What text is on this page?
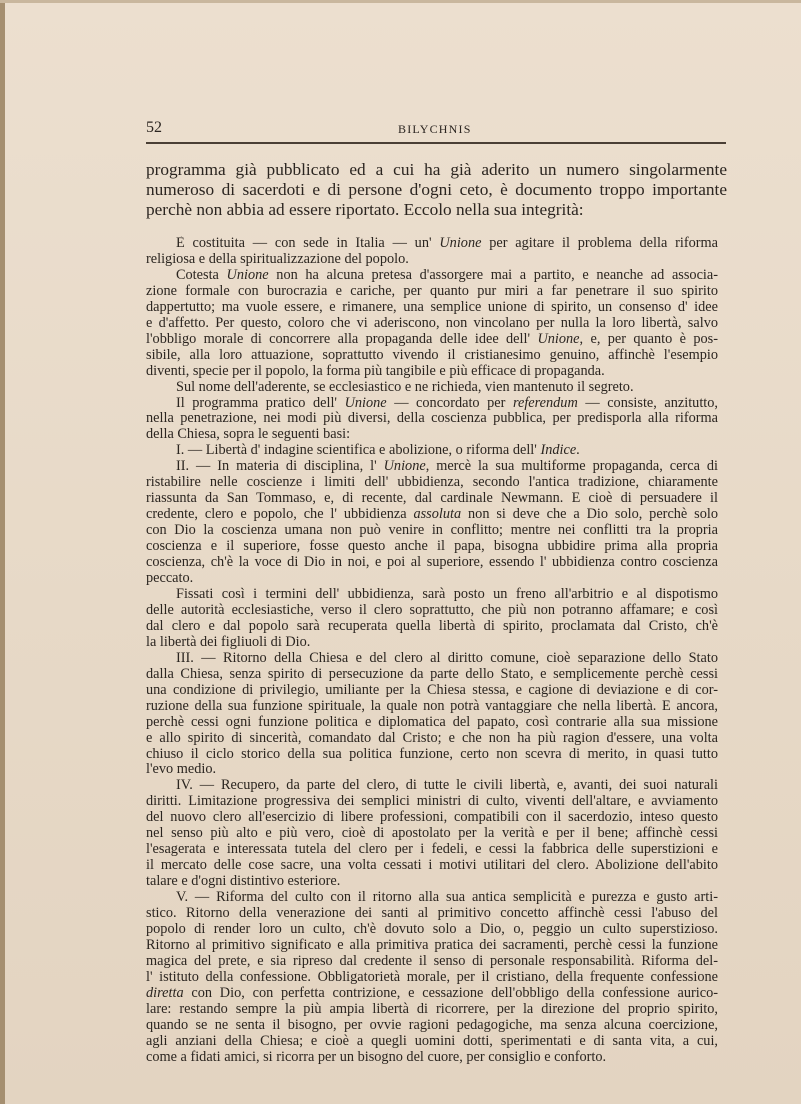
52	BILYCHNIS
programma già pubblicato ed a cui ha già aderito un numero singolarmente
numeroso di sacerdoti e di persone d'ogni ceto, è documento troppo importante
perchè non abbia ad essere riportato. Eccolo nella sua integrità:
È costituita — con sede in Italia — un' Unione per agitare il problema della riforma
religiosa e della spiritualizzazione del popolo.
Cotesta Unione non ha alcuna pretesa d'assorgere mai a partito, e neanche ad associa-
zione formale con burocrazia e cariche, per quanto pur miri a far penetrare il suo spirito
dappertutto; ma vuole essere, e rimanere, una semplice unione di spirito, un consenso d' idee
e d'affetto. Per questo, coloro che vi aderiscono, non vincolano per nulla la loro libertà, salvo
l'obbligo morale di concorrere alla propaganda delle idee dell' Unione, e, per quanto è pos-
sibile, alla loro attuazione, soprattutto vivendo il cristianesimo genuino, affinchè l'esempio
diventi, specie per il popolo, la forma più tangibile e più efficace di propaganda.
Sul nome dell'aderente, se ecclesiastico e ne richieda, vien mantenuto il segreto.
Il programma pratico dell' Unione — concordato per referendum — consiste, anzitutto,
nella penetrazione, nei modi più diversi, della coscienza pubblica, per predisporla alla riforma
della Chiesa, sopra le seguenti basi:
I. — Libertà d' indagine scientifica e abolizione, o riforma dell' Indice.
II. — In materia di disciplina, l' Unione, mercè la sua multiforme propaganda, cerca di
ristabilire nelle coscienze i limiti dell' ubbidienza, secondo l'antica tradizione, chiaramente
riassunta da San Tommaso, e, di recente, dal cardinale Newmann. E cioè di persuadere il
credente, clero e popolo, che l' ubbidienza assoluta non si deve che a Dio solo, perchè solo
con Dio la coscienza umana non può venire in conflitto; mentre nei conflitti tra la propria
coscienza e il superiore, fosse questo anche il papa, bisogna ubbidire prima alla propria
coscienza, ch'è la voce di Dio in noi, e poi al superiore, essendo l' ubbidienza contro coscienza
peccato.
Fissati così i termini dell' ubbidienza, sarà posto un freno all'arbitrio e al dispotismo
delle autorità ecclesiastiche, verso il clero soprattutto, che più non potranno affamare; e così
dal clero e dal popolo sarà recuperata quella libertà di spirito, proclamata dal Cristo, ch'è
la libertà dei figliuoli di Dio.
III. — Ritorno della Chiesa e del clero al diritto comune, cioè separazione dello Stato
dalla Chiesa, senza spirito di persecuzione da parte dello Stato, e semplicemente perchè cessi
una condizione di privilegio, umiliante per la Chiesa stessa, e cagione di deviazione e di cor-
ruzione della sua funzione spirituale, la quale non potrà vantaggiare che nella libertà. E ancora,
perchè cessi ogni funzione politica e diplomatica del papato, così contrarie alla sua missione
e allo spirito di sincerità, comandato dal Cristo; e che non ha più ragion d'essere, una volta
chiuso il ciclo storico della sua politica funzione, certo non scevra di merito, in quasi tutto
l'evo medio.
IV. — Recupero, da parte del clero, di tutte le civili libertà, e, avanti, dei suoi naturali
diritti. Limitazione progressiva dei semplici ministri di culto, viventi dell'altare, e avviamento
del nuovo clero all'esercizio di libere professioni, compatibili con il sacerdozio, inteso questo
nel senso più alto e più vero, cioè di apostolato per la verità e per il bene; affinchè cessi
l'esagerata e interessata tutela del clero per i fedeli, e cessi la fabbrica delle superstizioni e
il mercato delle cose sacre, una volta cessati i motivi utilitari del clero. Abolizione dell'abito
talare e d'ogni distintivo esteriore.
V. — Riforma del culto con il ritorno alla sua antica semplicità e purezza e gusto arti-
stico. Ritorno della venerazione dei santi al primitivo concetto affinchè cessi l'abuso del
popolo di render loro un culto, ch'è dovuto solo a Dio, o, peggio un culto superstizioso.
Ritorno al primitivo significato e alla primitiva pratica dei sacramenti, perchè cessi la funzione
magica del prete, e sia ripreso dal credente il senso di personale responsabilità. Riforma del-
l' istituto della confessione. Obbligatorietà morale, per il cristiano, della frequente confessione
diretta con Dio, con perfetta contrizione, e cessazione dell'obbligo della confessione aurico-
lare: restando sempre la più ampia libertà di ricorrere, per la direzione del proprio spirito,
quando se ne senta il bisogno, per ovvie ragioni pedagogiche, ma senza alcuna coercizione,
agli anziani della Chiesa; e cioè a quegli uomini dotti, sperimentati e di santa vita, a cui,
come a fidati amici, si ricorra per un bisogno del cuore, per consiglio e conforto.
